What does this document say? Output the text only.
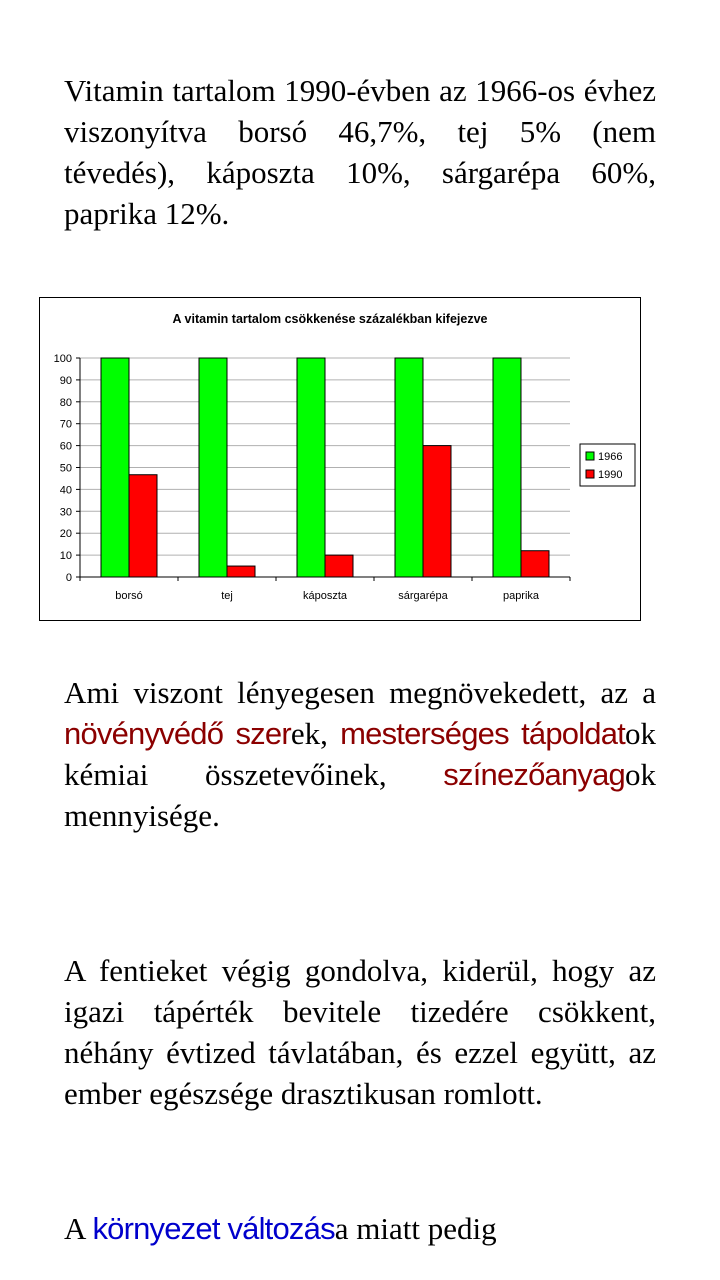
Vitamin tartalom 1990-évben az 1966-os évhez viszonyítva borsó 46,7%, tej 5% (nem tévedés), káposzta 10%, sárgarépa 60%, paprika 12%.

A vitamin tartalom csökkenése százalékban kifejezve
0
10
20
30
40
50
60
70
80
90
100
borsó	tej	káposzta	sárgarépa	paprika
1966
1990

Ami viszont lényegesen megnövekedett, az a növényvédő szerek, mesterséges tápoldatok kémiai összetevőinek, színezőanyagok mennyisége.

A fentieket végig gondolva, kiderül, hogy az igazi tápérték bevitele tizedére csökkent, néhány évtized távlatában, és ezzel együtt, az ember egészsége drasztikusan romlott.

A környezet változása miatt pedig
